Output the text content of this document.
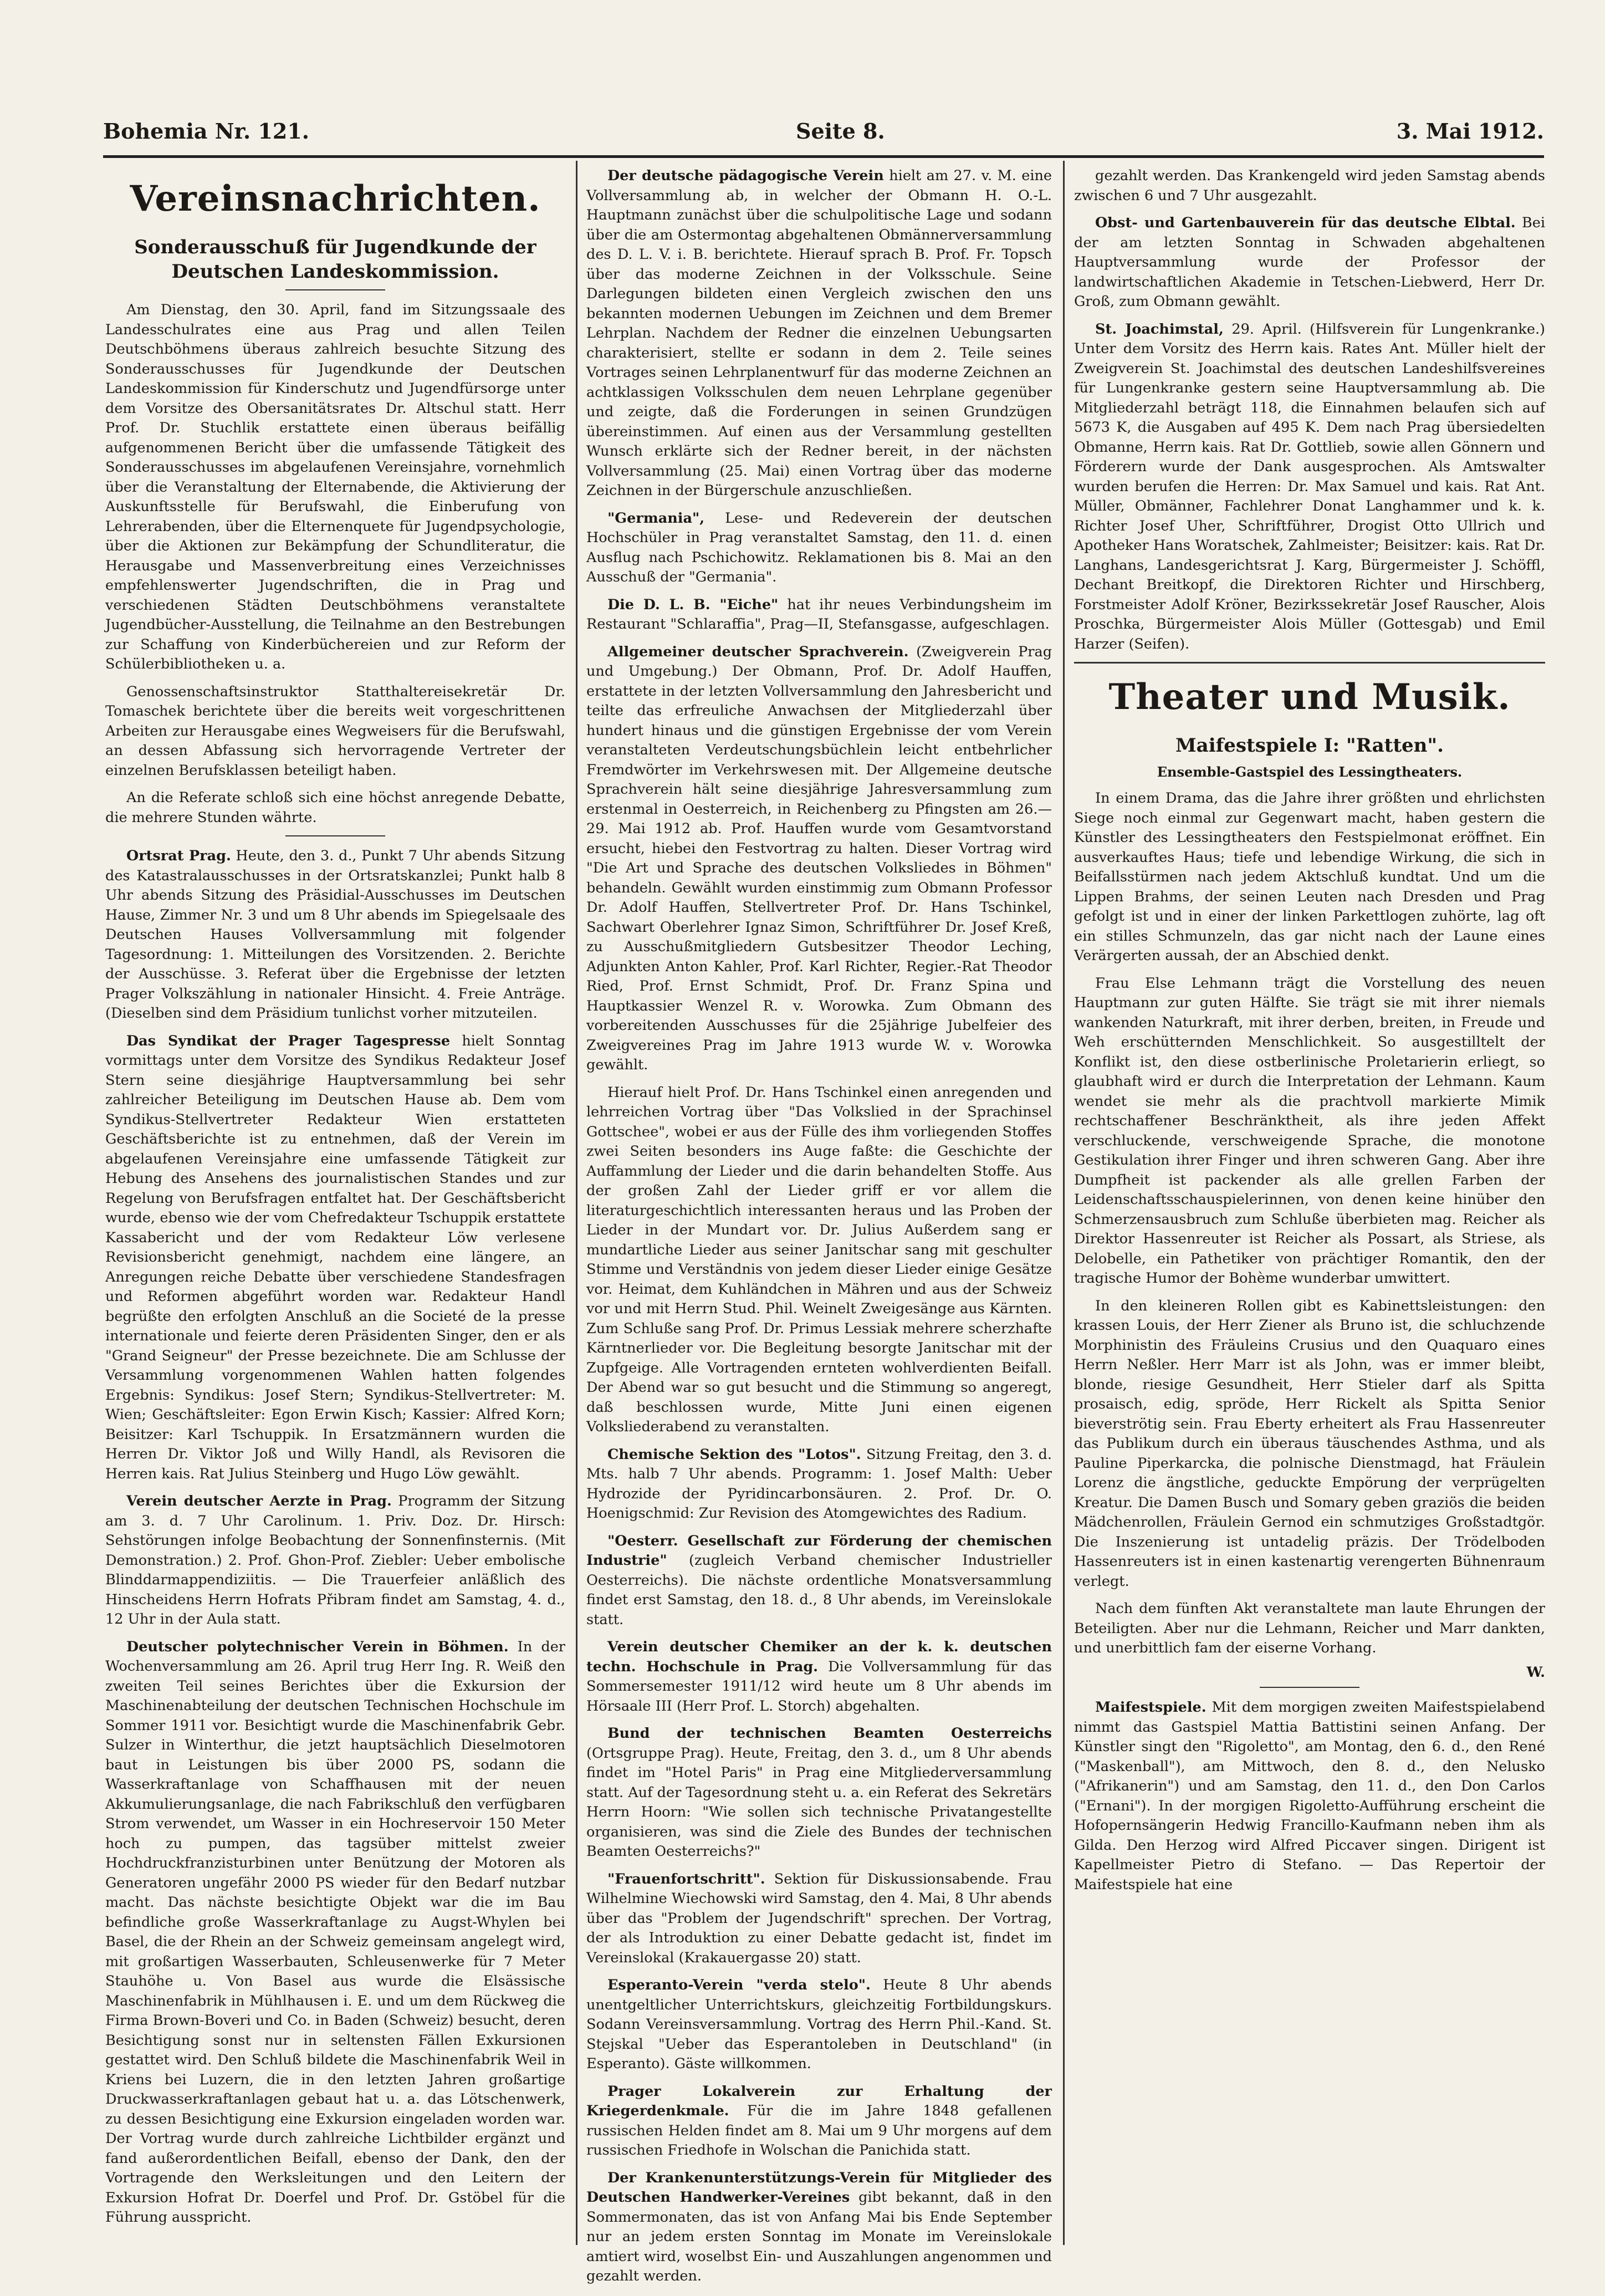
Bohemia Nr. 121.	Seite 8.	3. Mai 1912.
Vereinsnachrichten.
Sonderausschuß für Jugendkunde der Deutschen Landeskommission.

Am Dienstag, den 30. April, fand im Sitzungssaale des Landesschulrates eine aus Prag und allen Teilen Deutschböhmens überaus zahlreich besuchte Sitzung des Sonderausschusses für Jugendkunde der Deutschen Landeskommission für Kinderschutz und Jugendfürsorge unter dem Vorsitze des Obersanitätsrates Dr. Altschul statt. Herr Prof. Dr. Stuchlik erstattete einen überaus beifällig aufgenommenen Bericht über die umfassende Tätigkeit des Sonderausschusses im abgelaufenen Vereinsjahre, vornehmlich über die Veranstaltung der Elternabende, die Aktivierung der Auskunftsstelle für Berufswahl, die Einberufung von Lehrerabenden, über die Elternenquete für Jugendpsychologie, über die Aktionen zur Bekämpfung der Schundliteratur, die Herausgabe und Massenverbreitung eines Verzeichnisses empfehlenswerter Jugendschriften, die in Prag und verschiedenen Städten Deutschböhmens veranstaltete Jugendbücher-Ausstellung, die Teilnahme an den Bestrebungen zur Schaffung von Kinderbüchereien und zur Reform der Schülerbibliotheken u. a.

Genossenschaftsinstruktor Statthaltereisekretär Dr. Tomaschek berichtete über die bereits weit vorgeschrittenen Arbeiten zur Herausgabe eines Wegweisers für die Berufswahl, an dessen Abfassung sich hervorragende Vertreter der einzelnen Berufsklassen beteiligt haben.

An die Referate schloß sich eine höchst anregende Debatte, die mehrere Stunden währte.

Ortsrat Prag. Heute, den 3. d., Punkt 7 Uhr abends Sitzung des Katastralausschusses in der Ortsratskanzlei; Punkt halb 8 Uhr abends Sitzung des Präsidial-Ausschusses im Deutschen Hause, Zimmer Nr. 3 und um 8 Uhr abends im Spiegelsaale des Deutschen Hauses Vollversammlung mit folgender Tagesordnung: 1. Mitteilungen des Vorsitzenden. 2. Berichte der Ausschüsse. 3. Referat über die Ergebnisse der letzten Prager Volkszählung in nationaler Hinsicht. 4. Freie Anträge. (Dieselben sind dem Präsidium tunlichst vorher mitzuteilen.

Das Syndikat der Prager Tagespresse hielt Sonntag vormittags unter dem Vorsitze des Syndikus Redakteur Josef Stern seine diesjährige Hauptversammlung bei sehr zahlreicher Beteiligung im Deutschen Hause ab. Dem vom Syndikus-Stellvertreter Redakteur Wien erstatteten Geschäftsberichte ist zu entnehmen, daß der Verein im abgelaufenen Vereinsjahre eine umfassende Tätigkeit zur Hebung des Ansehens des journalistischen Standes und zur Regelung von Berufsfragen entfaltet hat. Der Geschäftsbericht wurde, ebenso wie der vom Chefredakteur Tschuppik erstattete Kassabericht und der vom Redakteur Löw verlesene Revisionsbericht genehmigt, nachdem eine längere, an Anregungen reiche Debatte über verschiedene Standesfragen und Reformen abgeführt worden war. Redakteur Handl begrüßte den erfolgten Anschluß an die Societé de la presse internationale und feierte deren Präsidenten Singer, den er als "Grand Seigneur" der Presse bezeichnete. Die am Schlusse der Versammlung vorgenommenen Wahlen hatten folgendes Ergebnis: Syndikus: Josef Stern; Syndikus-Stellvertreter: M. Wien; Geschäftsleiter: Egon Erwin Kisch; Kassier: Alfred Korn; Beisitzer: Karl Tschuppik. In Ersatzmännern wurden die Herren Dr. Viktor Joß und Willy Handl, als Revisoren die Herren kais. Rat Julius Steinberg und Hugo Löw gewählt.

Verein deutscher Aerzte in Prag. Programm der Sitzung am 3. d. 7 Uhr Carolinum. 1. Priv. Doz. Dr. Hirsch: Sehstörungen infolge Beobachtung der Sonnenfinsternis. (Mit Demonstration.) 2. Prof. Ghon-Prof. Ziebler: Ueber embolische Blinddarmappendiziitis. — Die Trauerfeier anläßlich des Hinscheidens Herrn Hofrats Přibram findet am Samstag, 4. d., 12 Uhr in der Aula statt.

Deutscher polytechnischer Verein in Böhmen. In der Wochenversammlung am 26. April trug Herr Ing. R. Weiß den zweiten Teil seines Berichtes über die Exkursion der Maschinenabteilung der deutschen Technischen Hochschule im Sommer 1911 vor. Besichtigt wurde die Maschinenfabrik Gebr. Sulzer in Winterthur, die jetzt hauptsächlich Dieselmotoren baut in Leistungen bis über 2000 PS, sodann die Wasserkraftanlage von Schaffhausen mit der neuen Akkumulierungsanlage, die nach Fabrikschluß den verfügbaren Strom verwendet, um Wasser in ein Hochreservoir 150 Meter hoch zu pumpen, das tagsüber mittelst zweier Hochdruckfranzisturbinen unter Benützung der Motoren als Generatoren ungefähr 2000 PS wieder für den Bedarf nutzbar macht. Das nächste besichtigte Objekt war die im Bau befindliche große Wasserkraftanlage zu Augst-Whylen bei Basel, die der Rhein an der Schweiz gemeinsam angelegt wird, mit großartigen Wasserbauten, Schleusenwerke für 7 Meter Stauhöhe u. Von Basel aus wurde die Elsässische Maschinenfabrik in Mühlhausen i. E. und um dem Rückweg die Firma Brown-Boveri und Co. in Baden (Schweiz) besucht, deren Besichtigung sonst nur in seltensten Fällen Exkursionen gestattet wird. Den Schluß bildete die Maschinenfabrik Weil in Kriens bei Luzern, die in den letzten Jahren großartige Druckwasserkraftanlagen gebaut hat u. a. das Lötschenwerk, zu dessen Besichtigung eine Exkursion eingeladen worden war. Der Vortrag wurde durch zahlreiche Lichtbilder ergänzt und fand außerordentlichen Beifall, ebenso der Dank, den der Vortragende den Werksleitungen und den Leitern der Exkursion Hofrat Dr. Doerfel und Prof. Dr. Gstöbel für die Führung ausspricht.

Der deutsche pädagogische Verein hielt am 27. v. M. eine Vollversammlung ab, in welcher der Obmann H. O.-L. Hauptmann zunächst über die schulpolitische Lage und sodann über die am Ostermontag abgehaltenen Obmännerversammlung des D. L. V. i. B. berichtete. Hierauf sprach B. Prof. Fr. Topsch über das moderne Zeichnen in der Volksschule. Seine Darlegungen bildeten einen Vergleich zwischen den uns bekannten modernen Uebungen im Zeichnen und dem Bremer Lehrplan. Nachdem der Redner die einzelnen Uebungsarten charakterisiert, stellte er sodann in dem 2. Teile seines Vortrages seinen Lehrplanentwurf für das moderne Zeichnen an achtklassigen Volksschulen dem neuen Lehrplane gegenüber und zeigte, daß die Forderungen in seinen Grundzügen übereinstimmen. Auf einen aus der Versammlung gestellten Wunsch erklärte sich der Redner bereit, in der nächsten Vollversammlung (25. Mai) einen Vortrag über das moderne Zeichnen in der Bürgerschule anzuschließen.

"Germania", Lese- und Redeverein der deutschen Hochschüler in Prag veranstaltet Samstag, den 11. d. einen Ausflug nach Pschichowitz. Reklamationen bis 8. Mai an den Ausschuß der "Germania".

Die D. L. B. "Eiche" hat ihr neues Verbindungsheim im Restaurant "Schlaraffia", Prag—II, Stefansgasse, aufgeschlagen.

Allgemeiner deutscher Sprachverein. (Zweigverein Prag und Umgebung.) Der Obmann, Prof. Dr. Adolf Hauffen, erstattete in der letzten Vollversammlung den Jahresbericht und teilte das erfreuliche Anwachsen der Mitgliederzahl über hundert hinaus und die günstigen Ergebnisse der vom Verein veranstalteten Verdeutschungsbüchlein leicht entbehrlicher Fremdwörter im Verkehrswesen mit. Der Allgemeine deutsche Sprachverein hält seine diesjährige Jahresversammlung zum erstenmal in Oesterreich, in Reichenberg zu Pfingsten am 26.—29. Mai 1912 ab. Prof. Hauffen wurde vom Gesamtvorstand ersucht, hiebei den Festvortrag zu halten. Dieser Vortrag wird "Die Art und Sprache des deutschen Volksliedes in Böhmen" behandeln. Gewählt wurden einstimmig zum Obmann Professor Dr. Adolf Hauffen, Stellvertreter Prof. Dr. Hans Tschinkel, Sachwart Oberlehrer Ignaz Simon, Schriftführer Dr. Josef Kreß, zu Ausschußmitgliedern Gutsbesitzer Theodor Leching, Adjunkten Anton Kahler, Prof. Karl Richter, Regier.-Rat Theodor Ried, Prof. Ernst Schmidt, Prof. Dr. Franz Spina und Hauptkassier Wenzel R. v. Worowka. Zum Obmann des vorbereitenden Ausschusses für die 25jährige Jubelfeier des Zweigvereines Prag im Jahre 1913 wurde W. v. Worowka gewählt.

Hierauf hielt Prof. Dr. Hans Tschinkel einen anregenden und lehrreichen Vortrag über "Das Volkslied in der Sprachinsel Gottschee", wobei er aus der Fülle des ihm vorliegenden Stoffes zwei Seiten besonders ins Auge faßte: die Geschichte der Auffammlung der Lieder und die darin behandelten Stoffe. Aus der großen Zahl der Lieder griff er vor allem die literaturgeschichtlich interessanten heraus und las Proben der Lieder in der Mundart vor. Dr. Julius Außerdem sang er mundartliche Lieder aus seiner Janitschar sang mit geschulter Stimme und Verständnis von jedem dieser Lieder einige Gesätze vor. Heimat, dem Kuhländchen in Mähren und aus der Schweiz vor und mit Herrn Stud. Phil. Weinelt Zweigesänge aus Kärnten. Zum Schluße sang Prof. Dr. Primus Lessiak mehrere scherzhafte Kärntnerlieder vor. Die Begleitung besorgte Janitschar mit der Zupfgeige. Alle Vortragenden ernteten wohlverdienten Beifall. Der Abend war so gut besucht und die Stimmung so angeregt, daß beschlossen wurde, Mitte Juni einen eigenen Volksliederabend zu veranstalten.

Chemische Sektion des "Lotos". Sitzung Freitag, den 3. d. Mts. halb 7 Uhr abends. Programm: 1. Josef Malth: Ueber Hydrozide der Pyridincarbonsäuren. 2. Prof. Dr. O. Hoenigschmid: Zur Revision des Atomgewichtes des Radium.

"Oesterr. Gesellschaft zur Förderung der chemischen Industrie" (zugleich Verband chemischer Industrieller Oesterreichs). Die nächste ordentliche Monatsversammlung findet erst Samstag, den 18. d., 8 Uhr abends, im Vereinslokale statt.

Verein deutscher Chemiker an der k. k. deutschen techn. Hochschule in Prag. Die Vollversammlung für das Sommersemester 1911/12 wird heute um 8 Uhr abends im Hörsaale III (Herr Prof. L. Storch) abgehalten.

Bund der technischen Beamten Oesterreichs (Ortsgruppe Prag). Heute, Freitag, den 3. d., um 8 Uhr abends findet im "Hotel Paris" in Prag eine Mitgliederversammlung statt. Auf der Tagesordnung steht u. a. ein Referat des Sekretärs Herrn Hoorn: "Wie sollen sich technische Privatangestellte organisieren, was sind die Ziele des Bundes der technischen Beamten Oesterreichs?"

"Frauenfortschritt". Sektion für Diskussionsabende. Frau Wilhelmine Wiechowski wird Samstag, den 4. Mai, 8 Uhr abends über das "Problem der Jugendschrift" sprechen. Der Vortrag, der als Introduktion zu einer Debatte gedacht ist, findet im Vereinslokal (Krakauergasse 20) statt.

Esperanto-Verein "verda stelo". Heute 8 Uhr abends unentgeltlicher Unterrichtskurs, gleichzeitig Fortbildungskurs. Sodann Vereinsversammlung. Vortrag des Herrn Phil.-Kand. St. Stejskal "Ueber das Esperantoleben in Deutschland" (in Esperanto). Gäste willkommen.

Prager Lokalverein zur Erhaltung der Kriegerdenkmale. Für die im Jahre 1848 gefallenen russischen Helden findet am 8. Mai um 9 Uhr morgens auf dem russischen Friedhofe in Wolschan die Panichida statt.

Der Krankenunterstützungs-Verein für Mitglieder des Deutschen Handwerker-Vereines gibt bekannt, daß in den Sommermonaten, das ist von Anfang Mai bis Ende September nur an jedem ersten Sonntag im Monate im Vereinslokale amtiert wird, woselbst Ein- und Auszahlungen angenommen und gezahlt werden.

gezahlt werden. Das Krankengeld wird jeden Samstag abends zwischen 6 und 7 Uhr ausgezahlt.

Obst- und Gartenbauverein für das deutsche Elbtal. Bei der am letzten Sonntag in Schwaden abgehaltenen Hauptversammlung wurde der Professor der landwirtschaftlichen Akademie in Tetschen-Liebwerd, Herr Dr. Groß, zum Obmann gewählt.

St. Joachimstal, 29. April. (Hilfsverein für Lungenkranke.) Unter dem Vorsitz des Herrn kais. Rates Ant. Müller hielt der Zweigverein St. Joachimstal des deutschen Landeshilfsvereines für Lungenkranke gestern seine Hauptversammlung ab. Die Mitgliederzahl beträgt 118, die Einnahmen belaufen sich auf 5673 K, die Ausgaben auf 495 K. Dem nach Prag übersiedelten Obmanne, Herrn kais. Rat Dr. Gottlieb, sowie allen Gönnern und Förderern wurde der Dank ausgesprochen. Als Amtswalter wurden berufen die Herren: Dr. Max Samuel und kais. Rat Ant. Müller, Obmänner, Fachlehrer Donat Langhammer und k. k. Richter Josef Uher, Schriftführer, Drogist Otto Ullrich und Apotheker Hans Woratschek, Zahlmeister; Beisitzer: kais. Rat Dr. Langhans, Landesgerichtsrat J. Karg, Bürgermeister J. Schöffl, Dechant Breitkopf, die Direktoren Richter und Hirschberg, Forstmeister Adolf Kröner, Bezirkssekretär Josef Rauscher, Alois Proschka, Bürgermeister Alois Müller (Gottesgab) und Emil Harzer (Seifen).

Theater und Musik.
Maifestspiele I: "Ratten".
Ensemble-Gastspiel des Lessingtheaters.

In einem Drama, das die Jahre ihrer größten und ehrlichsten Siege noch einmal zur Gegenwart macht, haben gestern die Künstler des Lessingtheaters den Festspielmonat eröffnet. Ein ausverkauftes Haus; tiefe und lebendige Wirkung, die sich in Beifallsstürmen nach jedem Aktschluß kundtat. Und um die Lippen Brahms, der seinen Leuten nach Dresden und Prag gefolgt ist und in einer der linken Parkettlogen zuhörte, lag oft ein stilles Schmunzeln, das gar nicht nach der Laune eines Verärgerten aussah, der an Abschied denkt.

Frau Else Lehmann trägt die Vorstellung des neuen Hauptmann zur guten Hälfte. Sie trägt sie mit ihrer niemals wankenden Naturkraft, mit ihrer derben, breiten, in Freude und Weh erschütternden Menschlichkeit. So ausgestilltelt der Konflikt ist, den diese ostberlinische Proletarierin erliegt, so glaubhaft wird er durch die Interpretation der Lehmann. Kaum wendet sie mehr als die prachtvoll markierte Mimik rechtschaffener Beschränktheit, als ihre jeden Affekt verschluckende, verschweigende Sprache, die monotone Gestikulation ihrer Finger und ihren schweren Gang. Aber ihre Dumpfheit ist packender als alle grellen Farben der Leidenschaftsschauspielerinnen, von denen keine hinüber den Schmerzensausbruch zum Schluße überbieten mag. Reicher als Direktor Hassenreuter ist Reicher als Possart, als Striese, als Delobelle, ein Pathetiker von prächtiger Romantik, den der tragische Humor der Bohème wunderbar umwittert.

In den kleineren Rollen gibt es Kabinettsleistungen: den krassen Louis, der Herr Ziener als Bruno ist, die schluchzende Morphinistin des Fräuleins Crusius und den Quaquaro eines Herrn Neßler. Herr Marr ist als John, was er immer bleibt, blonde, riesige Gesundheit, Herr Stieler darf als Spitta prosaisch, edig, spröde, Herr Rickelt als Spitta Senior bieverströtig sein. Frau Eberty erheitert als Frau Hassenreuter das Publikum durch ein überaus täuschendes Asthma, und als Pauline Piperkarcka, die polnische Dienstmagd, hat Fräulein Lorenz die ängstliche, geduckte Empörung der verprügelten Kreatur. Die Damen Busch und Somary geben graziös die beiden Mädchenrollen, Fräulein Gernod ein schmutziges Großstadtgör. Die Inszenierung ist untadelig präzis. Der Trödelboden Hassenreuters ist in einen kastenartig verengerten Bühnenraum verlegt.

Nach dem fünften Akt veranstaltete man laute Ehrungen der Beteiligten. Aber nur die Lehmann, Reicher und Marr dankten, und unerbittlich fam der eiserne Vorhang.

W.

Maifestspiele. Mit dem morgigen zweiten Maifestspielabend nimmt das Gastspiel Mattia Battistini seinen Anfang. Der Künstler singt den "Rigoletto", am Montag, den 6. d., den René ("Maskenball"), am Mittwoch, den 8. d., den Nelusko ("Afrikanerin") und am Samstag, den 11. d., den Don Carlos ("Ernani"). In der morgigen Rigoletto-Aufführung erscheint die Hofopernsängerin Hedwig Francillo-Kaufmann neben ihm als Gilda. Den Herzog wird Alfred Piccaver singen. Dirigent ist Kapellmeister Pietro di Stefano. — Das Repertoir der Maifestspiele hat eine
